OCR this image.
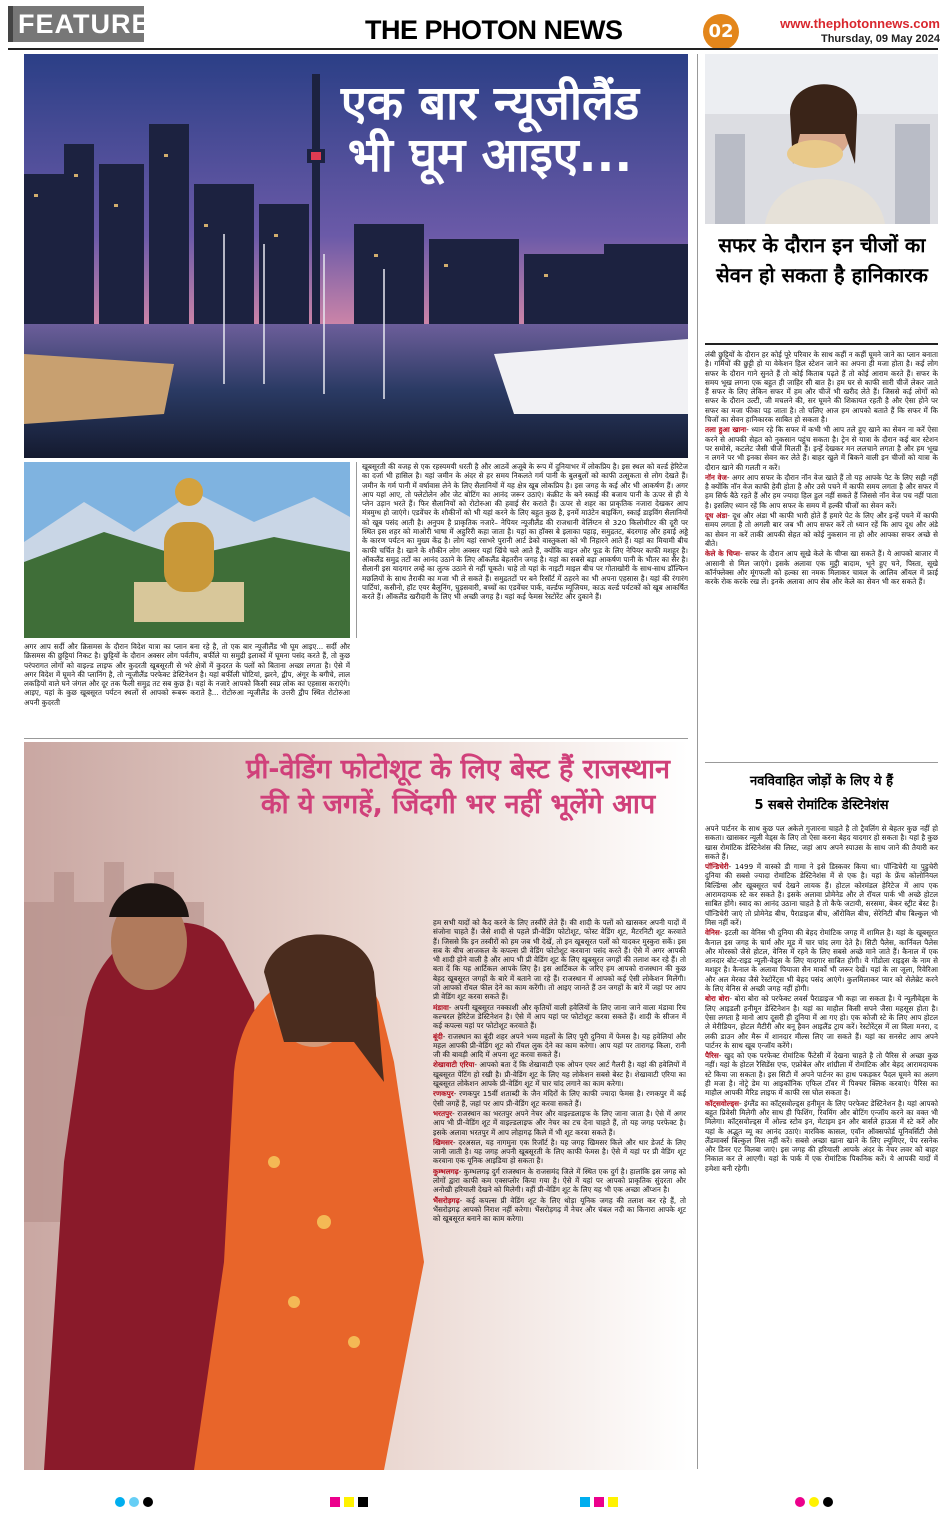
FEATURE	THE PHOTON NEWS	02	www.thephotonnews.com
Thursday, 09 May 2024
एक बार न्यूजीलैंड
भी घूम आइए...
अगर आप सर्दी और क्रिसमस के दौरान विदेश यात्रा का प्लान बना रहे है, तो एक बार न्यूजीलैंड भी घूम आइए... सर्दी और क्रिसमस की छुट्टियां निकट है। छुट्टियों के दौरान अक्सर लोग पर्वतीय, बर्फीले या समुद्री इलाकों में घूमना पसंद करते हैं, तो कुछ परंपरागत लोगों को वाइल्ड लाइफ और कुदरती खूबसूरती से भरे क्षेत्रों में कुदरत के पलों को बिताना अच्छा लगता है। ऐसे में अगर विदेश में घूमने की प्लानिंग है, तो न्यूजीलैंड परफेक्ट डेस्टिनेशन है। यहां बर्फीली चोटियां, झरने, द्वीप, अंगूर के बगीचे, लाल लकड़ियों वाले घने जंगल और दूर तक फैली समुद्र तट सब कुछ है। यहां के नजारे आपको किसी स्वप्न लोक का एहसास कराएंगे। आइए, यहां के कुछ खूबसूरत पर्यटन स्थलों से आपको रूबरू कराते है... रोटोरुआ न्यूजीलैंड के उत्तरी द्वीप स्थित रोटोरुआ अपनी कुदरती
खूबसूरती की वजह से एक रहस्यमयी धरती है और आठवें अजूबे के रूप में दुनियाभर में लोकप्रिय है। इस स्थल को वर्ल्ड हेरिटेज का दर्जा भी हासिल है। यहां जमीन के अंदर से हर समय निकलते गर्म पानी के बुलबुलों को काफी उत्सुकता से लोग देखते हैं। जमीन के गर्म पानी में वर्षावास लेने के लिए सैलानियों में यह क्षेत्र खूब लोकप्रिय है। इस जगह के कई और भी आकर्षण हैं। अगर आप यहां आए, तो फ्लेटोलेन और जेट बोटिंग का आनंद जरूर उठाएं। कंक्रीट के बने स्काई की बजाय पानी के ऊपर से ही ये प्लेन उड़ान भरते हैं। फिर सैलानियों को रोटोरुआ की हवाई सैर कराते हैं। ऊपर से शहर का प्राकृतिक नजारा देखकर आप मंत्रमुग्ध हो जाएंगे। एडवेंचर के शौकीनों को भी यहां करने के लिए बहुत कुछ है, इनमें माउंटेन बाइकिंग, स्काई डाइविंग सैलानियों को खूब पसंद आती है। अनुपम है प्राकृतिक नजारे– नेपियर न्यूजीलैंड की राजधानी वेलिंग्टन से 320 किलोमीटर की दूरी पर स्थित इस शहर को माओरी भाषा में अहुरिरी कहा जाता है। यहां का हॉक्स बे इलाका पहाड़, समुद्रतट, बंदरगाह और हवाई अड्डे के कारण पर्यटन का मुख्य केंद्र है। लोग यहां रसभरे पुरानी आर्ट डेको वास्तुकला को भी निहारने आते हैं। यहां का मियामी बीच काफी चर्चित है। खाने के शौकीन लोग अक्सर यहां खिंचे चले आते हैं, क्योंकि वाइन और फूड के लिए नेपियर काफी मशहूर है। ऑकलैंड समुद्र तटों का आनंद उठाने के लिए ऑकलैंड बेहतरीन जगह है। यहां का सबसे बड़ा आकर्षण पानी के भीतर का सैर है। सैलानी इस यादगार लम्हे का लुत्फ उठाने से नहीं चूकते। चाहे तो यहां के नाइटी माइल बीच पर गोताखोरी के साथ-साथ डॉल्फिन मछलियों के साथ तैराकी का मजा भी ले सकते हैं। समुद्रतटों पर बने रिसॉर्ट में ठहरने का भी अपना एहसास है। यहां की रंगारंग पार्टियां, कसीनो, हॉट एयर बैलूनिंग, घुड़सवारी, बच्चों का एडवेंचर पार्क, वर्ल्डफ म्यूजियम, काऊ वर्ल्ड पर्यटकों को खूब आकर्षित करते हैं। ऑकलैंड खरीदारी के लिए भी अच्छी जगह है। यहां कई फेमस रेस्टोरेंट और दुकाने हैं।
प्री-वेडिंग फोटोशूट के लिए बेस्ट हैं राजस्थान की ये जगहें, जिंदगी भर नहीं भूलेंगे आप

हम सभी यादों को कैद करने के लिए तस्वीरें लेते हैं। की शादी के पलों को खासकर अपनी यादों में संजोना चाहते हैं। जैसे शादी से पहले प्री-वेडिंग फोटोशूट, फोस्ट वेडिंग शूट, मैटरनिटी शूट करवाते हैं। जिससे कि इन तस्वीरों को हम जब भी देखें, तो इन खूबसूरत पलों को यादकर मुस्कुरा सकें। इस सब के बीच आजकल के कपल्स प्री वेडिंग फोटोशूट करवाना पसंद करते हैं। ऐसे में अगर आपकी भी शादी होने वाली है और आप भी प्री वेडिंग शूट के लिए खूबसूरत जगहों की तलाश कर रहे हैं। तो बता दें कि यह आर्टिकल आपके लिए है। इस आर्टिकल के जरिए हम आपको राजस्थान की कुछ बेहद खूबसूरत जगहों के बारे में बताने जा रहे हैं। राजस्थान में आपको कई ऐसी लोकेशन मिलेंगी। जो आपको रॉयल फील देने का काम करेंगी। तो आइए जानते हैं उन जगहों के बारे में जहां पर आप प्री वेडिंग शूट करवा सकते हैं।

मंडावा- अपनी खूबसूरत नक्काशी और कृतियों वाली हवेलियों के लिए जाना जाने वाला मंडावा रिच कल्चरल हेरिटेज डेस्टिनेशन है। ऐसे में आप यहां पर फोटोशूट करवा सकते हैं। शादी के सीजन में कई कपल्स यहां पर फोटोशूट करवाते हैं।

बूंदी- राजस्थान का बूंदी शहर अपने भव्य महलों के लिए पूरी दुनिया में फेमस है। यह हवेलियां और महल आपकी प्री-वेडिंग शूट को रॉयल लुक देने का काम करेगा। आप यहां पर तारागढ़ किला, रानी जी की बावड़ी आदि में अपना शूट करवा सकते हैं।

शेखावाटी एरिया- आपको बता दें कि शेखावाटी एक ओपन एयर आर्ट गैलरी है। यहां की हवेलियों में खूबसूरत पेंटिंग हो रखी है। प्री-वेडिंग शूट के लिए यह लोकेशन सबसे बेस्ट है। शेखावाटी एरिया का खूबसूरत लोकेशन आपके प्री-वेडिंग शूट में चार चांद लगाने का काम करेगा।

रणकपुर- रणकपुर 15वीं शताब्दी के जैन मंदिरों के लिए काफी ज्यादा फेमस है। रणकपुर में कई ऐसी जगहें हैं, जहां पर आप प्री-वेडिंग शूट करवा सकते हैं।

भरतपुर- राजस्थान का भरतपुर अपने नेचर और वाइल्डलाइफ के लिए जाना जाता है। ऐसे में अगर आप भी प्री-वेडिंग शूट में वाइल्डलाइफ और नेचर का टच देना चाहते हैं, तो यह जगह परफेक्ट है। इसके अलावा भरतपुर में आप लोहागढ़ किले में भी शूट करवा सकते हैं।

खिमसर- दरअसल, यह नागमुना एक रिजॉर्ट है। यह जगह खिमसर किले और थार डेजर्ट के लिए जानी जाती है। यह जगह अपनी खूबसूरती के लिए काफी फेमस है। ऐसे में यहां पर प्री वेडिंग शूट करवाना एक यूनिक आइडिया हो सकता है।

कुम्भलगढ़- कुम्भलगढ़ दुर्ग राजस्थान के राजसमंद जिले में स्थित एक दुर्ग है। हालांकि इस जगह को लोगों द्वारा काफी कम एक्सप्लोर किया गया है। ऐसे में यहां पर आपको प्राकृतिक सुंदरता और अनोखी हरियाली देखने को मिलेगी। वहीं प्री-वेडिंग शूट के लिए यह भी एक अच्छा ऑप्शन है।

भैंसरोड़गढ़- कई कपल्स प्री वेडिंग शूट के लिए थोड़ा यूनिक जगह की तलाश कर रहे हैं, तो भैंसरोड़गढ़ आपको निराश नहीं करेगा। भैंसरोड़गढ़ में नेचर और चंबल नदी का किनारा आपके शूट को खूबसूरत बनाने का काम करेगा।

सफर के दौरान इन चीजों का सेवन हो सकता है हानिकारक

लंबी छुट्टियों के दौरान हर कोई पूरे परिवार के साथ कहीं न कहीं घूमने जाने का प्लान बनाता है। गर्मियों की छुट्टी हो या वेकेशन हिल स्टेशन जाने का अपना ही मजा होता है। कई लोग सफर के दौरान गाने सुनते हैं तो कोई किताब पढ़ते हैं तो कोई आराम करते हैं। सफर के समय भूख लगना एक बहुत ही जाहिर सी बात है। हम घर से काफी सारी चीजें लेकर जाते हैं सफर के लिए लेकिन सफर में हम और चीजें भी खरीद लेते हैं। जिससे कई लोगों को सफर के दौरान उल्टी, जी मचलने की, सर घूमने की शिकायत रहती है और ऐसा होने पर सफर का मजा फीका पड़ जाता है। तो चलिए आज हम आपको बताते हैं कि सफर में कि चिजों का सेवन हानिकारक साबित हो सकता है।

तला हुआ खाना- ध्यान रहे कि सफर में कभी भी आप तले हुए खाने का सेवन ना करें ऐसा करने से आपकी सेहत को नुकसान पहुंच सकता है। ट्रेन से यात्रा के दौरान कई बार स्टेशन पर समोसे, कटलेट जैसी चीजें मिलती हैं। इन्हें देखकर मन ललचाने लगता है और हम भूख न लगने पर भी इनका सेवन कर लेते हैं। बाहर खुले में बिकने वाली इन चीजों को यात्रा के दौरान खाने की गलती न करें।

नॉन वेज- अगर आप सफर के दौरान नॉन वेज खाते हैं तो यह आपके पेट के लिए सही नहीं है क्योंकि नॉन वेज काफी हेवी होता है और उसे पचने में काफी समय लगता है और सफर में हम सिर्फ बैठे रहते हैं और हम ज्यादा हिल डुल नहीं सकते हैं जिससे नॉन वेज पच नहीं पाता है। इसलिए ध्यान रहें कि आप सफर के समय में हल्की चीजों का सेवन करें।

दूध अंडा- दूध और अंडा भी काफी भारी होते हैं हमारे पेट के लिए और इन्हें पचने में काफी समय लगता है तो अगली बार जब भी आप सफर करें तो ध्यान रहें कि आप दूध और अंडे का सेवन ना करें ताकी आपकी सेहत को कोई नुकसान ना हो और आपका सफर अच्छे से बीते।

केले के चिप्स- सफर के दौरान आप सूखे केले के चीप्स खा सकते हैं। ये आपको बाजार में आसानी से मिल जाएंगे। इसके अलावा एक मुट्ठी बादाम, भूने हुए चने, पिस्ता, सूखे कॉर्नफ्लेक्स और मूंगफली को हल्का सा नमक मिलाकर चावल के आलिव ऑयल में फ्राई करके रोक करके रख लें। इनके अलावा आप सेब और केले का सेवन भी कर सकते हैं।

नवविवाहित जोड़ों के लिए ये हैं
5 सबसे रोमांटिक डेस्टिनेशंस

अपने पार्टनर के साथ कुछ पल अकेले गुजारना चाहते है तो ट्रैवलिंग से बेहतर कुछ नहीं हो सकता। खासकर न्यूली वेड्स के लिए तो ऐसा करना बेहद यादगार हो सकता है। यहां है कुछ खास रोमांटिक डेस्टिनेशंस की लिस्ट, जहां आप अपने स्पाउस के साथ जाने की तैयारी कर सकते हैं।

पॉन्डिचेरी- 1499 में वास्को डी गामा ने इसे डिस्कवर किया था। पॉन्डिचेरी या पुडुचेरी दुनिया की सबसे ज्यादा रोमांटिक डेस्टिनेशंस में से एक है। यहां के फ्रेंच कोलोनियल बिल्डिंग्स और खूबसूरत चर्च देखने लायक हैं। होटल कोरमंडल हेरिटेज में आप एक आरामदायक स्टे कर सकते है। इसके अलावा प्रोमेनेड और ले रॉयल पार्क भी अच्छे होटल साबित होंगे। स्वाद का आनंद उठाना चाहते है तो कैफे जटायी, सरसमा, बेकर स्ट्रीट बेस्ट है। पॉन्डिचेरी जाएं तो प्रोमेनेड बीच, पैराडाइज बीच, ऑरोविल बीच, सेरेनिटी बीच बिल्कुल भी मिस नहीं करें।

वेनिस- इटली का वेनिस भी दुनिया की बेहद रोमांटिक जगह में शामिल है। यहां के खूबसूरत कैनाल इस जगह के चार्म और मूड में चार चांद लगा देते है। सिटी पैलेस, कार्निवल पैलेस और मोरस्को जैसे होटल, वेनिस में रहने के लिए सबसे अच्छे माने जाते हैं। कैनाल में एक शानदार बोट-राइड न्यूली-वेड्स के लिए यादगार साबित होगी। ये गोंडोला राइड्स के नाम से मशहूर है। कैनाल के अलावा पियाजा सैन मार्को भी जरूर देखें। यहां के ला जूला, रिवेरिआ और अल मेरका जैसे रेस्टोरेंट्स भी बेहद पसंद आएंगे। कुलमिलाकर प्यार को सेलेब्रेट करने के लिए वेनिस से अच्छी जगह नहीं होगी।

बोरा बोरा- बोरा बोरा को परफेक्ट लवर्स पैराडाइज भी कहा जा सकता है। ये न्यूलीवेड्स के लिए आइडली हनीमून डेस्टिनेशन है। यहां का माहौल किसी सपने जैसा महसूस होता है। ऐसा लगता है मानो आप दूसरी ही दुनिया में आ गए हो। एक कोजी स्टे के लिए आप होटल ले मेरीडियन, होटल मैटीरी और बनू हैवन आइलैंड ट्राय करें। रेस्टोरेंट्स में ला विला मनरा, द लकी डाउन और मैरू में शानदार मील्स लिए जा सकते हैं। यहां का सनसेट आप अपने पार्टनर के साथ खूब एन्जॉय करेंगे।

पैरिस- खुद को एक परफेक्ट रोमांटिक फैंटेसी में देखना चाहते है तो पैरिस से अच्छा कुछ नहीं। यहां के होटल रैसिडेंस एफ, एफ्रोबेल और शांग्रीला में रोमांटिक और बेहद आरामदायक स्टे किया जा सकता है। इस सिटी में अपने पार्टनर का हाथ पकड़कर पैदल घूमने का अलग ही मजा है। नोट्रे डेम या आइकॉनिक एफिल टॉवर में पिक्चर क्लिक करवाएं। पैरिस का माहौल आपकी मैरिड लाइफ में काफी रस घोल सकता है।

कॉट्सवोल्ड्स- इंग्लैंड का कॉट्सवोल्ड्स हनीमून के लिए परफेक्ट डेस्टिनेशन है। यहां आपको बहुत प्रिवेसी मिलेगी और साथ ही फिशिंग, रिवमिंग और बोटिंग एन्जॉय करने का वक्त भी मिलेगा। कॉट्सवोल्ड्स में ओल्ड स्टोव इन, मेटाइम इन और बार्सले हाऊस में स्टे करें और यहां के अद्भुत व्यू का आनंद उठाएं। वारविक कासल, एवॉन ऑक्सफोर्ड यूनिवर्सिटी जैसे लैंडमार्क्स बिल्कुल मिस नहीं करें। सबसे अच्छा खाना खाने के लिए ल्यूमिएर, पेप रसनेक और डिनर एट विलबा जाएं। इस जगह की हरियाली आपके अंदर के नेचर लवर को बाहर निकाल कर ले आएगी। यहां के पार्क में एक रोमांटिक पिकनिक करें। ये आपकी यादों में हमेशा बनी रहेगी।
